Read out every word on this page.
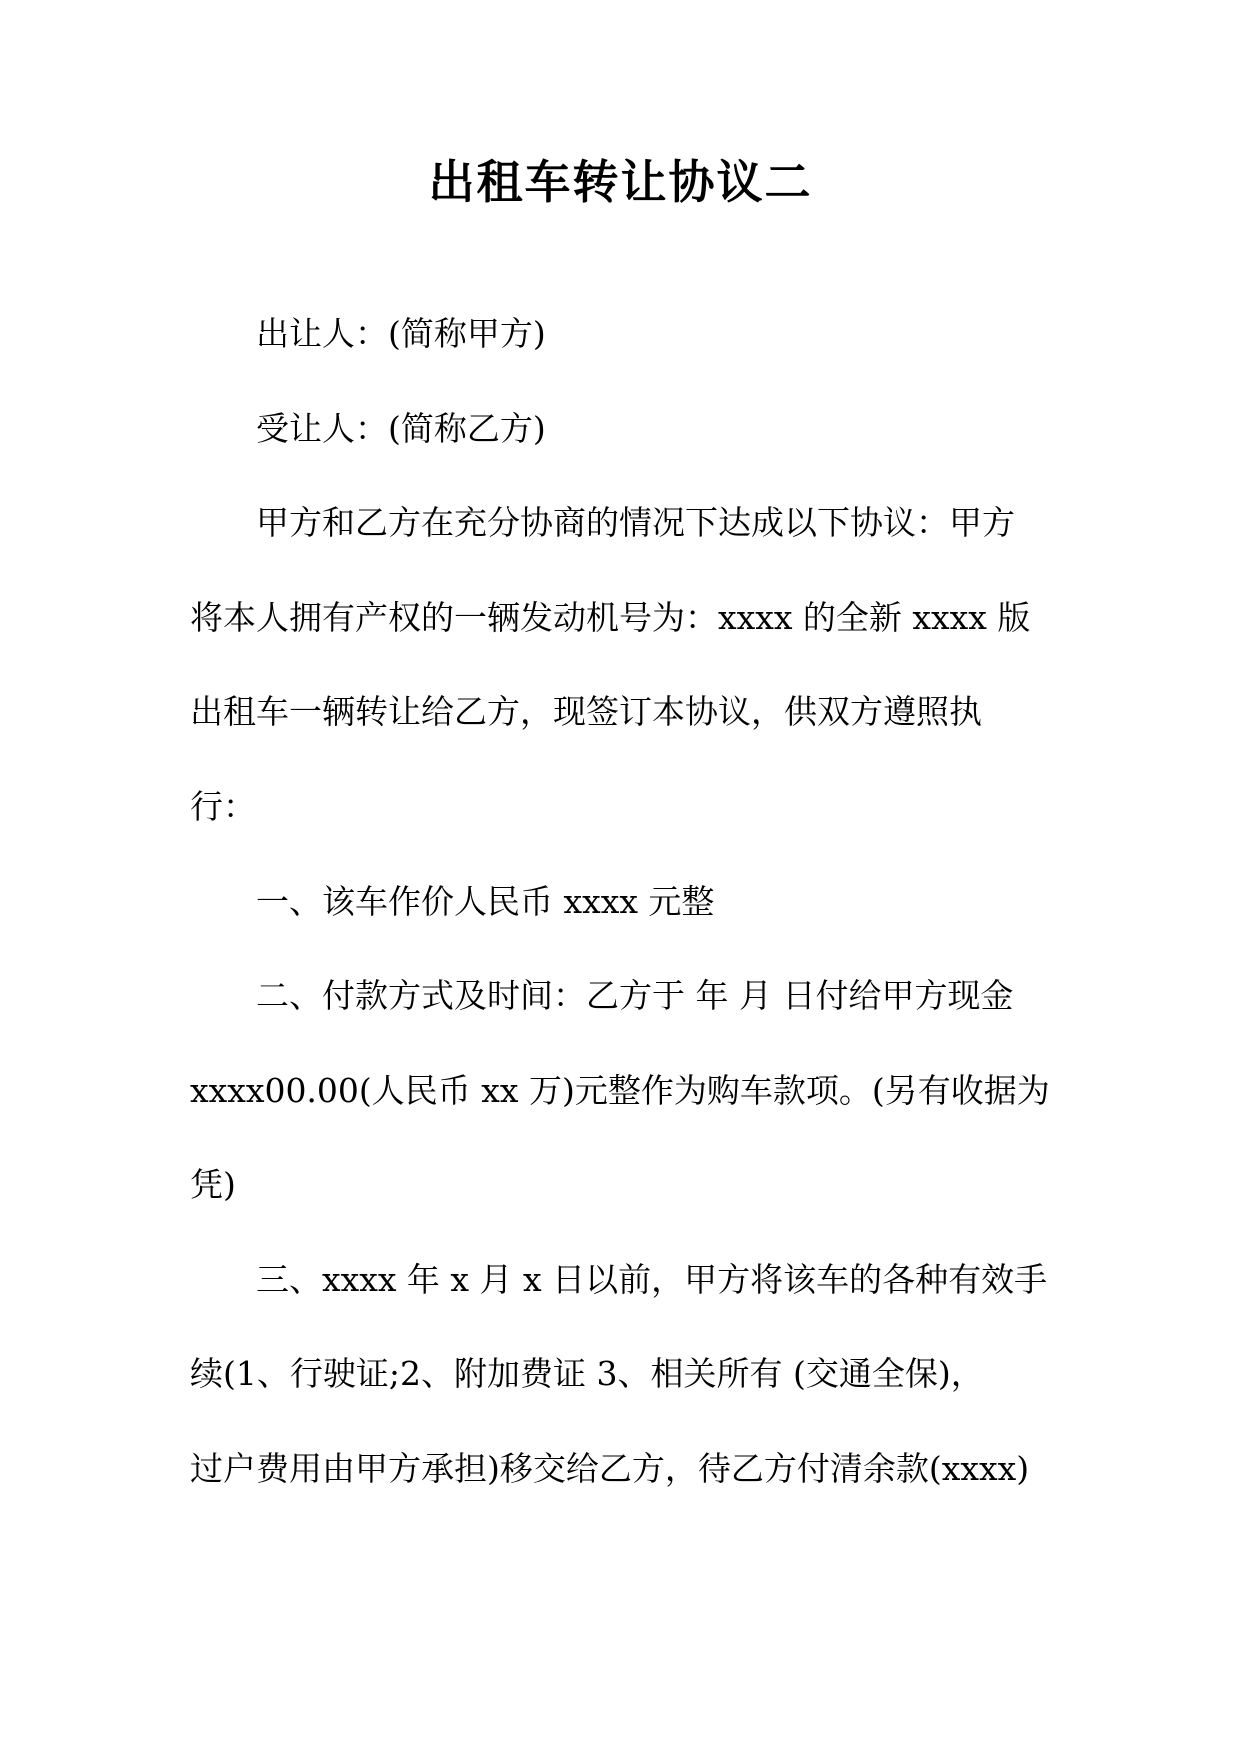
出租车转让协议二
出让人：(简称甲方)
受让人：(简称乙方)
甲方和乙方在充分协商的情况下达成以下协议：甲方
将本人拥有产权的一辆发动机号为：xxxx 的全新 xxxx 版
出租车一辆转让给乙方，现签订本协议，供双方遵照执
行：
一、该车作价人民币 xxxx 元整
二、付款方式及时间：乙方于 年 月 日付给甲方现金
xxxx00.00(人民币 xx 万)元整作为购车款项。(另有收据为
凭)
三、xxxx 年 x 月 x 日以前，甲方将该车的各种有效手
续(1、行驶证;2、附加费证 3、相关所有 (交通全保)，
过户费用由甲方承担)移交给乙方，待乙方付清余款(xxxx)
